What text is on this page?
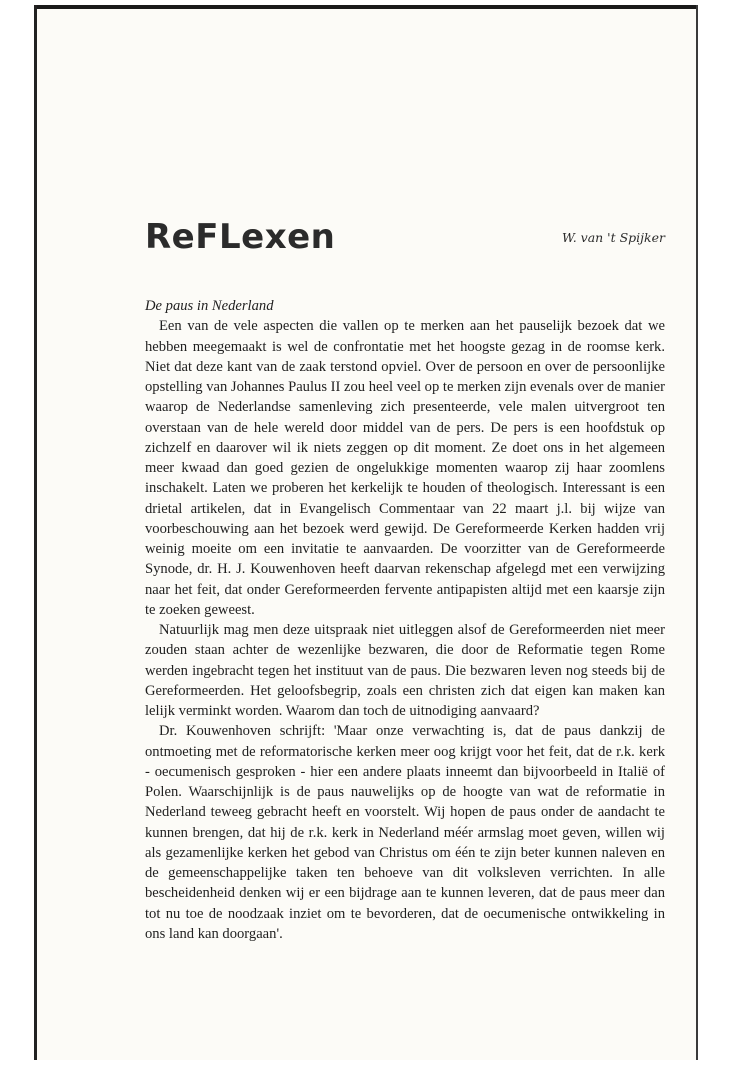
ReFLexen	W. van 't Spijker

De paus in Nederland

Een van de vele aspecten die vallen op te merken aan het pauselijk bezoek dat we hebben meegemaakt is wel de confrontatie met het hoogste gezag in de roomse kerk. Niet dat deze kant van de zaak terstond opviel. Over de persoon en over de persoonlijke opstelling van Johannes Paulus II zou heel veel op te merken zijn evenals over de manier waarop de Nederlandse samenleving zich presenteerde, vele malen uitvergroot ten overstaan van de hele wereld door middel van de pers. De pers is een hoofdstuk op zichzelf en daarover wil ik niets zeggen op dit moment. Ze doet ons in het algemeen meer kwaad dan goed gezien de ongelukkige momenten waarop zij haar zoomlens inschakelt. Laten we proberen het kerkelijk te houden of theologisch. Interessant is een drietal artikelen, dat in Evangelisch Commentaar van 22 maart j.l. bij wijze van voorbeschouwing aan het bezoek werd gewijd. De Gereformeerde Kerken hadden vrij weinig moeite om een invitatie te aanvaarden. De voorzitter van de Gereformeerde Synode, dr. H. J. Kouwenhoven heeft daarvan rekenschap afgelegd met een verwijzing naar het feit, dat onder Gereformeerden fervente antipapisten altijd met een kaarsje zijn te zoeken geweest.

Natuurlijk mag men deze uitspraak niet uitleggen alsof de Gereformeerden niet meer zouden staan achter de wezenlijke bezwaren, die door de Reformatie tegen Rome werden ingebracht tegen het instituut van de paus. Die bezwaren leven nog steeds bij de Gereformeerden. Het geloofsbegrip, zoals een christen zich dat eigen kan maken kan lelijk verminkt worden. Waarom dan toch de uitnodiging aanvaard?

Dr. Kouwenhoven schrijft: 'Maar onze verwachting is, dat de paus dankzij de ontmoeting met de reformatorische kerken meer oog krijgt voor het feit, dat de r.k. kerk - oecumenisch gesproken - hier een andere plaats inneemt dan bijvoorbeeld in Italië of Polen. Waarschijnlijk is de paus nauwelijks op de hoogte van wat de reformatie in Nederland teweeg gebracht heeft en voorstelt. Wij hopen de paus onder de aandacht te kunnen brengen, dat hij de r.k. kerk in Nederland méér armslag moet geven, willen wij als gezamenlijke kerken het gebod van Christus om één te zijn beter kunnen naleven en de gemeenschappelijke taken ten behoeve van dit volksleven verrichten. In alle bescheidenheid denken wij er een bijdrage aan te kunnen leveren, dat de paus meer dan tot nu toe de noodzaak inziet om te bevorderen, dat de oecumenische ontwikkeling in ons land kan doorgaan'.
